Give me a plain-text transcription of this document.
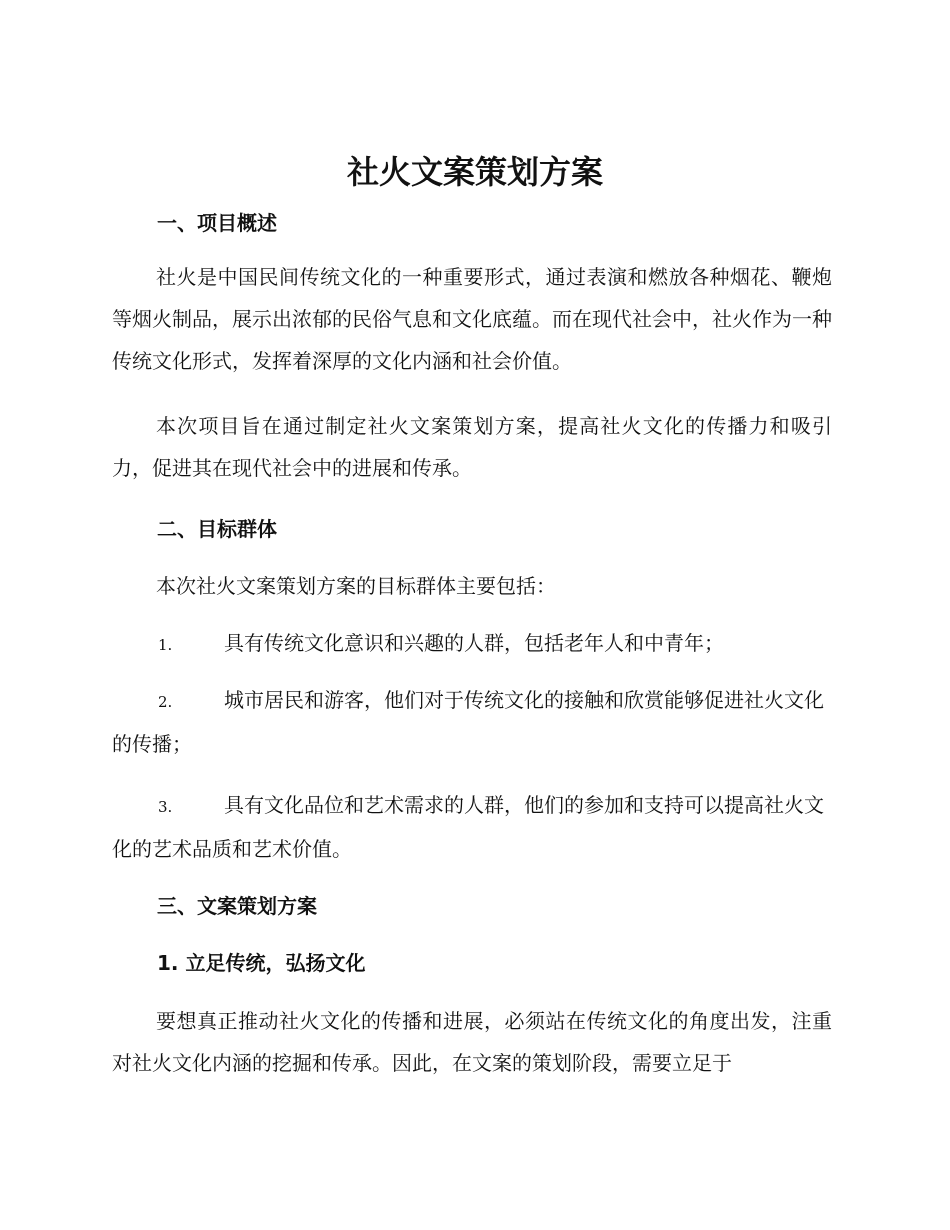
社火文案策划方案
一、项目概述

社火是中国民间传统文化的一种重要形式，通过表演和燃放各种烟花、鞭炮等烟火制品，展示出浓郁的民俗气息和文化底蕴。而在现代社会中，社火作为一种传统文化形式，发挥着深厚的文化内涵和社会价值。

本次项目旨在通过制定社火文案策划方案，提高社火文化的传播力和吸引力，促进其在现代社会中的进展和传承。

二、目标群体

本次社火文案策划方案的目标群体主要包括：

1.	具有传统文化意识和兴趣的人群，包括老年人和中青年；

2.	城市居民和游客，他们对于传统文化的接触和欣赏能够促进社火文化的传播；

3.	具有文化品位和艺术需求的人群，他们的参加和支持可以提高社火文化的艺术品质和艺术价值。

三、文案策划方案
1. 立足传统，弘扬文化

要想真正推动社火文化的传播和进展，必须站在传统文化的角度出发，注重对社火文化内涵的挖掘和传承。因此，在文案的策划阶段，需要立足于
